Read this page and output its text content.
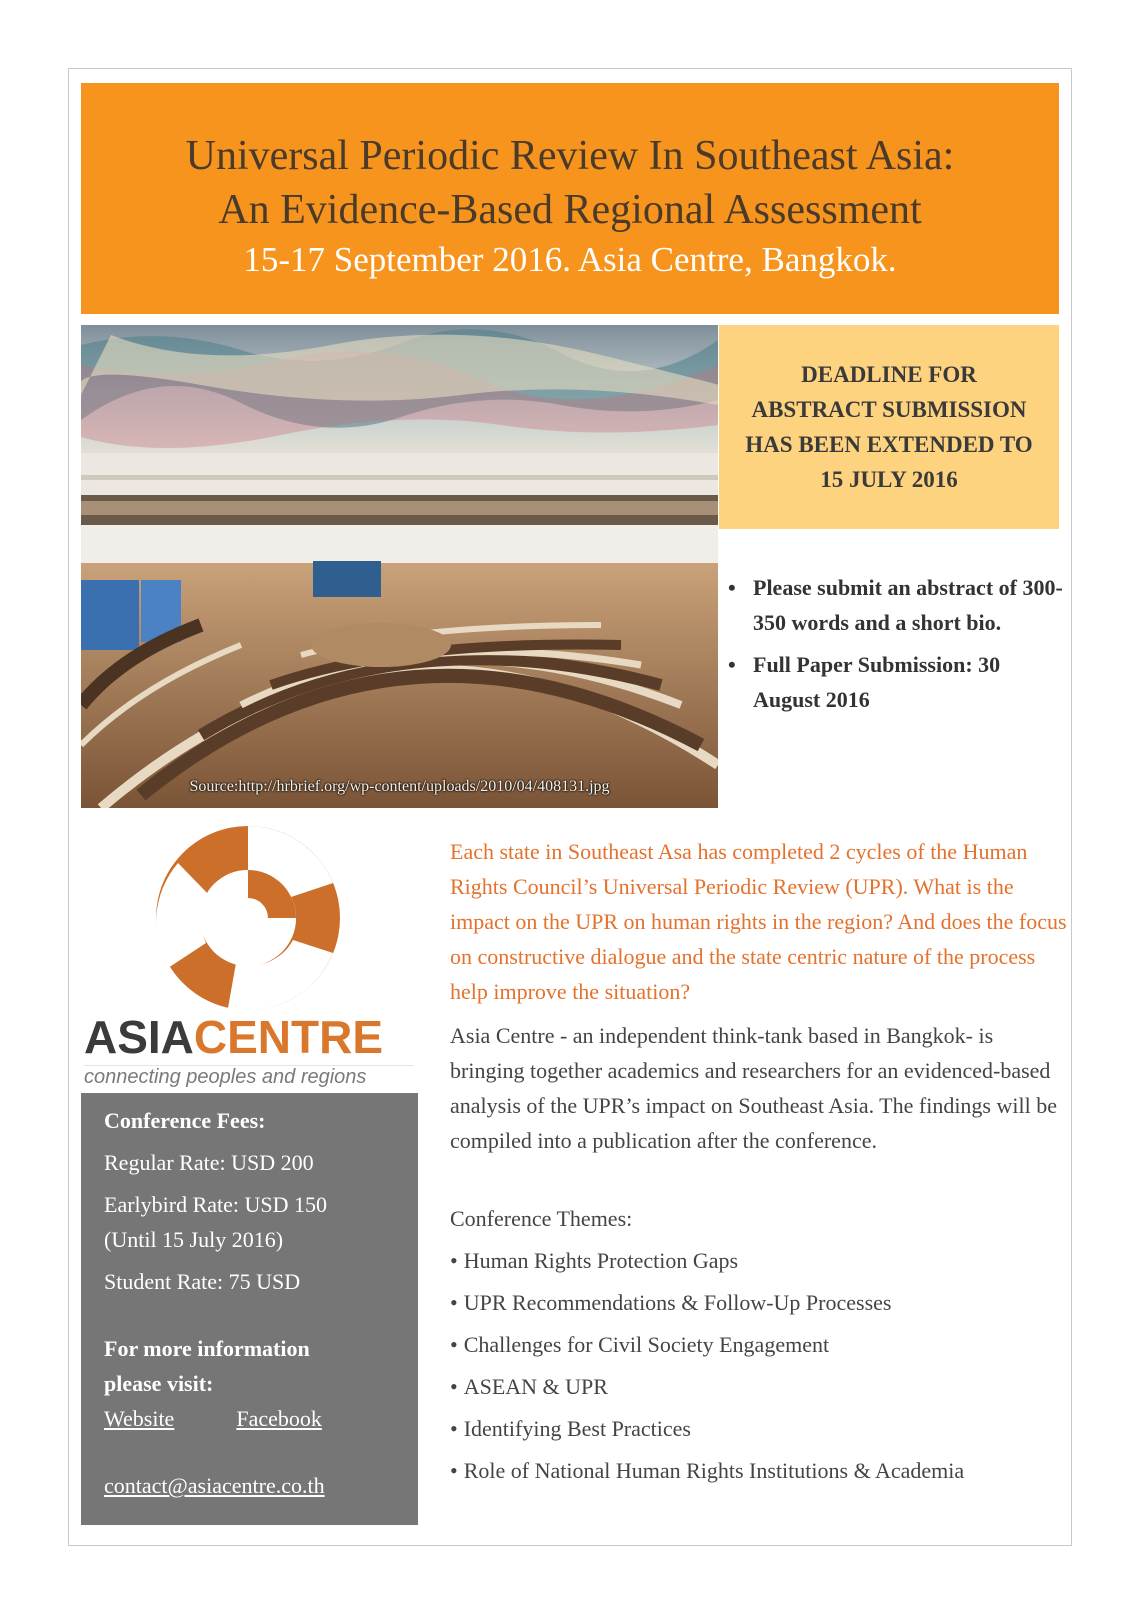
Universal Periodic Review In Southeast Asia:
An Evidence-Based Regional Assessment
15-17 September 2016. Asia Centre, Bangkok.
Source:http://hrbrief.org/wp-content/uploads/2010/04/408131.jpg
DEADLINE FOR
ABSTRACT SUBMISSION
HAS BEEN EXTENDED TO
15 JULY 2016
• Please submit an abstract of 300-350 words and a short bio.
• Full Paper Submission: 30 August 2016
ASIACENTRE
connecting peoples and regions
Conference Fees:
Regular Rate: USD 200
Earlybird Rate: USD 150
(Until 15 July 2016)
Student Rate: 75 USD
For more information
please visit:
Website	Facebook
contact@asiacentre.co.th

Each state in Southeast Asa has completed 2 cycles of the Human Rights Council’s Universal Periodic Review (UPR). What is the impact on the UPR on human rights in the region? And does the focus on constructive dialogue and the state centric nature of the process help improve the situation?

Asia Centre - an independent think-tank based in Bangkok- is bringing together academics and researchers for an evidenced-based analysis of the UPR’s impact on Southeast Asia. The findings will be compiled into a publication after the conference.

Conference Themes:
• Human Rights Protection Gaps
• UPR Recommendations & Follow-Up Processes
• Challenges for Civil Society Engagement
• ASEAN & UPR
• Identifying Best Practices
• Role of National Human Rights Institutions & Academia
